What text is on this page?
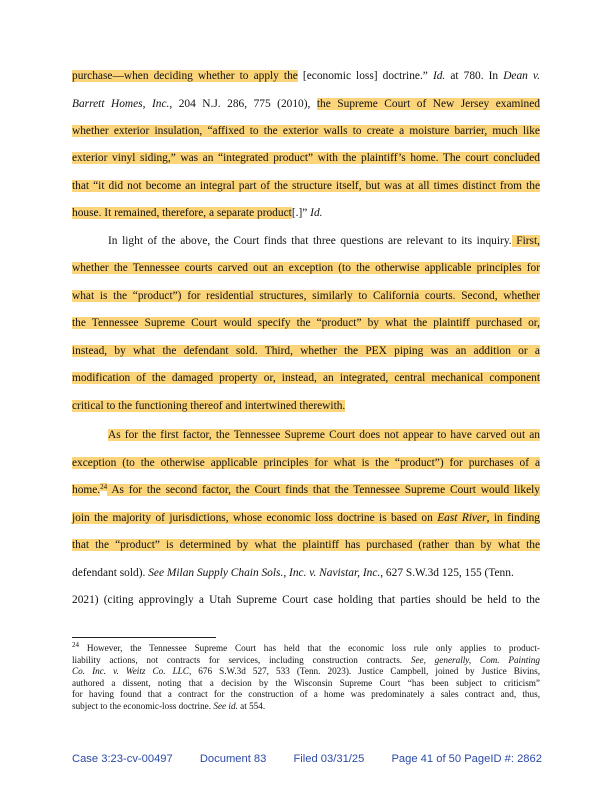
purchase—when deciding whether to apply the [economic loss] doctrine.” Id. at 780. In Dean v.
Barrett Homes, Inc., 204 N.J. 286, 775 (2010), the Supreme Court of New Jersey examined
whether exterior insulation, “affixed to the exterior walls to create a moisture barrier, much like
exterior vinyl siding,” was an “integrated product” with the plaintiff’s home. The court concluded
that “it did not become an integral part of the structure itself, but was at all times distinct from the
house. It remained, therefore, a separate product[.]” Id.
In light of the above, the Court finds that three questions are relevant to its inquiry. First,
whether the Tennessee courts carved out an exception (to the otherwise applicable principles for
what is the “product”) for residential structures, similarly to California courts. Second, whether
the Tennessee Supreme Court would specify the “product” by what the plaintiff purchased or,
instead, by what the defendant sold. Third, whether the PEX piping was an addition or a
modification of the damaged property or, instead, an integrated, central mechanical component
critical to the functioning thereof and intertwined therewith.
As for the first factor, the Tennessee Supreme Court does not appear to have carved out an
exception (to the otherwise applicable principles for what is the “product”) for purchases of a
home.$^{24}$ As for the second factor, the Court finds that the Tennessee Supreme Court would likely
join the majority of jurisdictions, whose economic loss doctrine is based on East River, in finding
that the “product” is determined by what the plaintiff has purchased (rather than by what the
defendant sold). See Milan Supply Chain Sols., Inc. v. Navistar, Inc., 627 S.W.3d 125, 155 (Tenn.
2021) (citing approvingly a Utah Supreme Court case holding that parties should be held to the
$^{24}$ However, the Tennessee Supreme Court has held that the economic loss rule only applies to product-
liability actions, not contracts for services, including construction contracts. See, generally, Com. Painting
Co. Inc. v. Weitz Co. LLC, 676 S.W.3d 527, 533 (Tenn. 2023). Justice Campbell, joined by Justice Bivins,
authored a dissent, noting that a decision by the Wisconsin Supreme Court “has been subject to criticism”
for having found that a contract for the construction of a home was predominately a sales contract and, thus,
subject to the economic-loss doctrine. See id. at 554.
Case 3:23-cv-00497 Document 83 Filed 03/31/25 Page 41 of 50 PageID #: 2862
